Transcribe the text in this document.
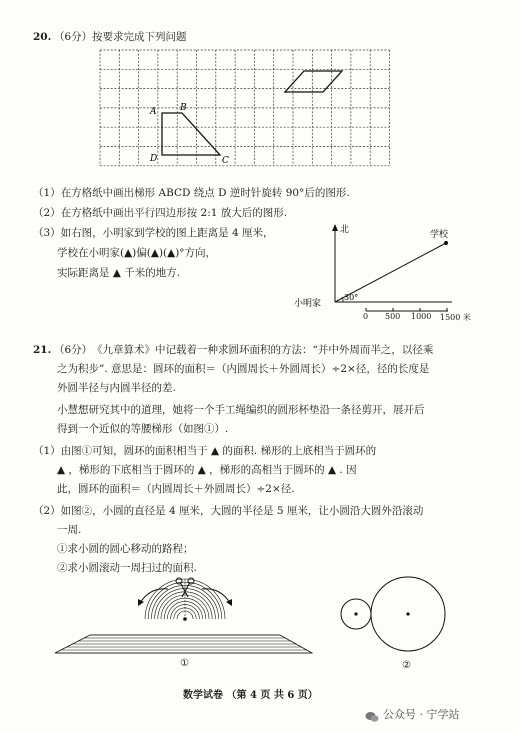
20. （6分） 按要求完成下列问题
A	B
C
D
（1）在方格纸中画出梯形 ABCD 绕点 D 逆时针旋转 90°后的图形.
（2）在方格纸中画出平行四边形按 2:1 放大后的图形.
（3）如右图，小明家到学校的图上距离是 4 厘米，
学校在小明家(▲)偏(▲)(▲)°方向，
实际距离是 ▲ 千米的地方.
北	学校
小明家
30°
0 500 1000 1500 米
21. （6分） 《九章算术》中记载着一种求圆环面积的方法：“并中外周而半之，以径乘
之为积步”. 意思是：圆环的面积＝（内圆周长＋外圆周长）÷2×径，径的长度是
外圆半径与内圆半径的差.
小慧想研究其中的道理，她将一个手工绳编织的圆形杯垫沿一条径剪开，展开后
得到一个近似的等腰梯形（如图①）.
（1）由图①可知，圆环的面积相当于 ▲ 的面积. 梯形的上底相当于圆环的
▲ ，梯形的下底相当于圆环的 ▲ ，梯形的高相当于圆环的 ▲ . 因
此，圆环的面积＝（内圆周长＋外圆周长）÷2×径.
（2）如图②，小圆的直径是 4 厘米，大圆的半径是 5 厘米，让小圆沿大圆外沿滚动
一周.
①求小圆的圆心移动的路程；
②求小圆滚动一周扫过的面积.
①	②
数学试卷 （第 4 页 共 6 页）
公众号 · 宁学站
